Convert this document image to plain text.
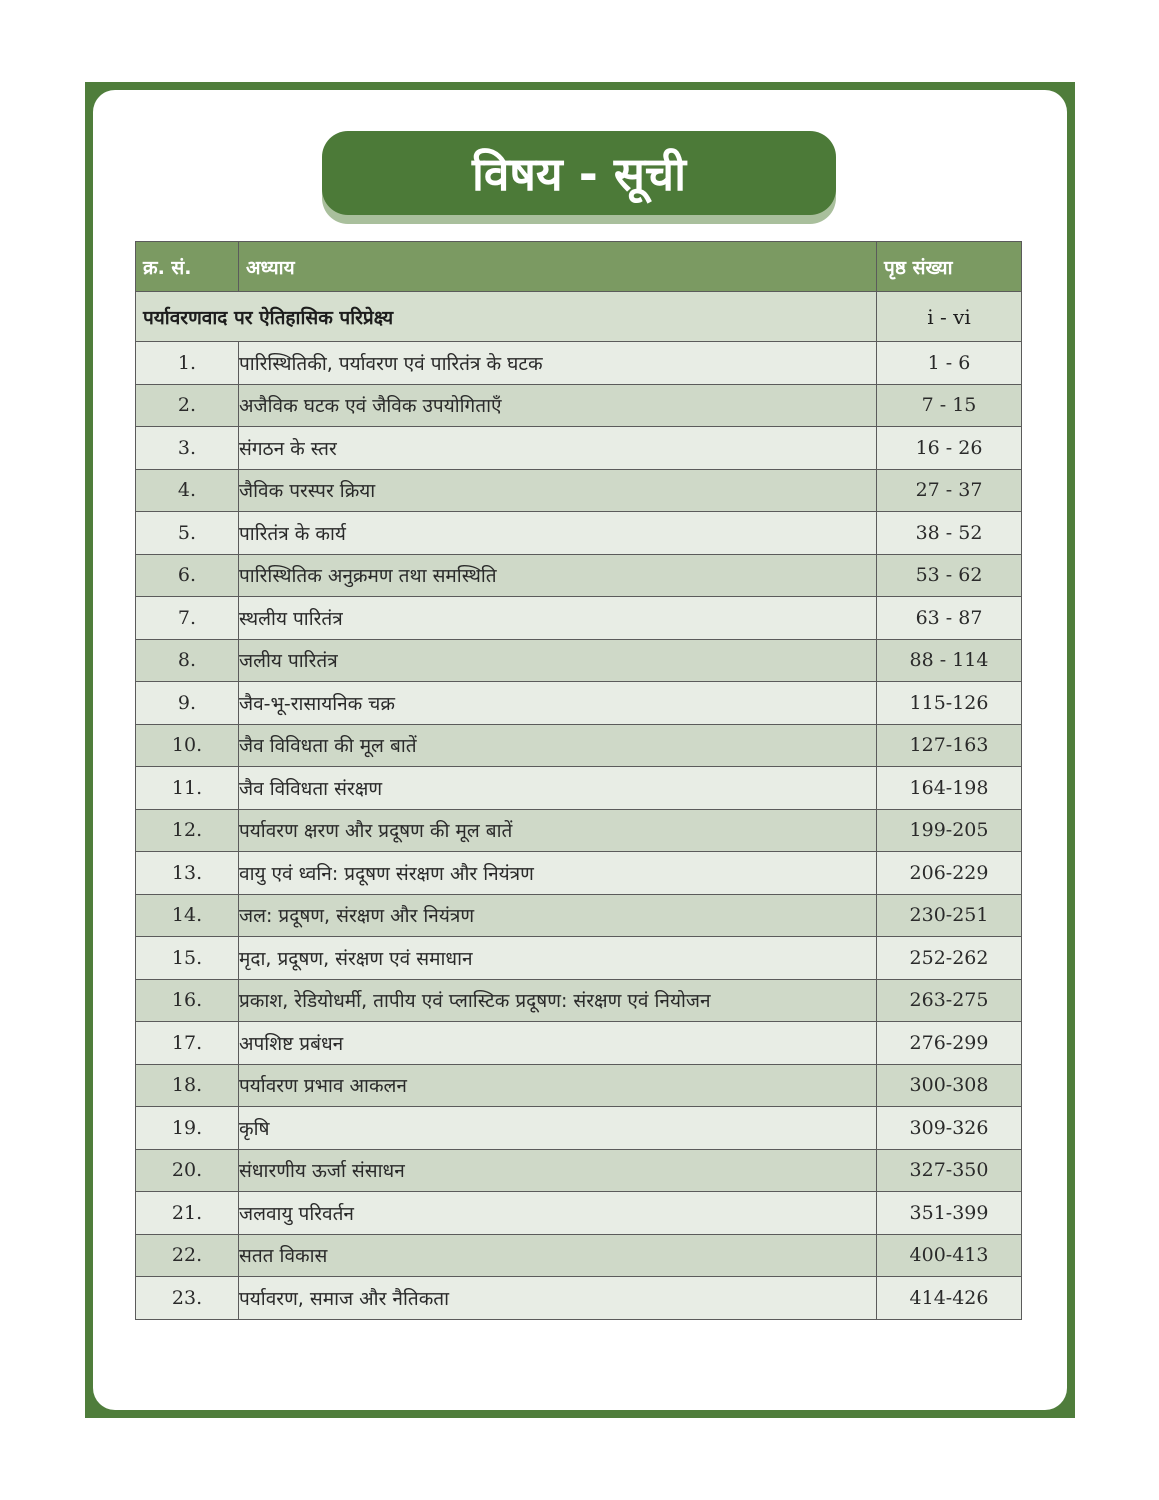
विषय - सूची
क्र. सं.	अध्याय	पृष्ठ संख्या
पर्यावरणवाद पर ऐतिहासिक परिप्रेक्ष्य		i - vi
1.	पारिस्थितिकी, पर्यावरण एवं पारितंत्र के घटक	1 - 6
2.	अजैविक घटक एवं जैविक उपयोगिताएँ	7 - 15
3.	संगठन के स्तर	16 - 26
4.	जैविक परस्पर क्रिया	27 - 37
5.	पारितंत्र के कार्य	38 - 52
6.	पारिस्थितिक अनुक्रमण तथा समस्थिति	53 - 62
7.	स्थलीय पारितंत्र	63 - 87
8.	जलीय पारितंत्र	88 - 114
9.	जैव-भू-रासायनिक चक्र	115-126
10.	जैव विविधता की मूल बातें	127-163
11.	जैव विविधता संरक्षण	164-198
12.	पर्यावरण क्षरण और प्रदूषण की मूल बातें	199-205
13.	वायु एवं ध्वनि: प्रदूषण संरक्षण और नियंत्रण	206-229
14.	जल: प्रदूषण, संरक्षण और नियंत्रण	230-251
15.	मृदा, प्रदूषण, संरक्षण एवं समाधान	252-262
16.	प्रकाश, रेडियोधर्मी, तापीय एवं प्लास्टिक प्रदूषण: संरक्षण एवं नियोजन	263-275
17.	अपशिष्ट प्रबंधन	276-299
18.	पर्यावरण प्रभाव आकलन	300-308
19.	कृषि	309-326
20.	संधारणीय ऊर्जा संसाधन	327-350
21.	जलवायु परिवर्तन	351-399
22.	सतत विकास	400-413
23.	पर्यावरण, समाज और नैतिकता	414-426
